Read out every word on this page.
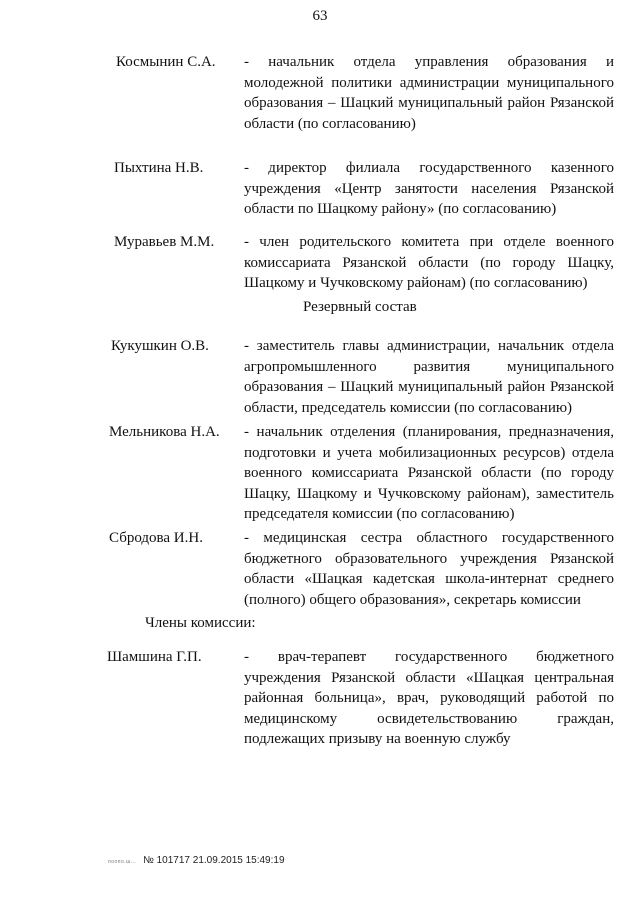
63
Космынин С.А. - начальник отдела управления образования и молодежной политики администрации муниципального образования – Шацкий муниципальный район Рязанской области (по согласованию)
Пыхтина Н.В.	- директор филиала государственного казенного учреждения «Центр занятости населения Рязанской области по Шацкому району» (по согласованию)
Муравьев М.М. - член родительского комитета при отделе военного комиссариата Рязанской области (по городу Шацку, Шацкому и Чучковскому районам) (по согласованию)
Резервный состав
Кукушкин О.В. - заместитель главы администрации, начальник отдела агропромышленного развития муниципального образования – Шацкий муниципальный район Рязанской области, председатель комиссии (по согласованию)
Мельникова Н.А. - начальник отделения (планирования, предназначения, подготовки и учета мобилизационных ресурсов) отдела военного комиссариата Рязанской области (по городу Шацку, Шацкому и Чучковскому районам), заместитель председателя комиссии (по согласованию)
Сбродова И.Н.	- медицинская сестра областного государственного бюджетного образовательного учреждения Рязанской области «Шацкая кадетская школа-интернат среднего (полного) общего образования», секретарь комиссии
Члены комиссии:
Шамшина Г.П.	- врач-терапевт государственного бюджетного учреждения Рязанской области «Шацкая центральная районная больница», врач, руководящий работой по медицинскому освидетельствованию граждан, подлежащих призыву на военную службу
поопо.ш... № 101717 21.09.2015 15:49:19
